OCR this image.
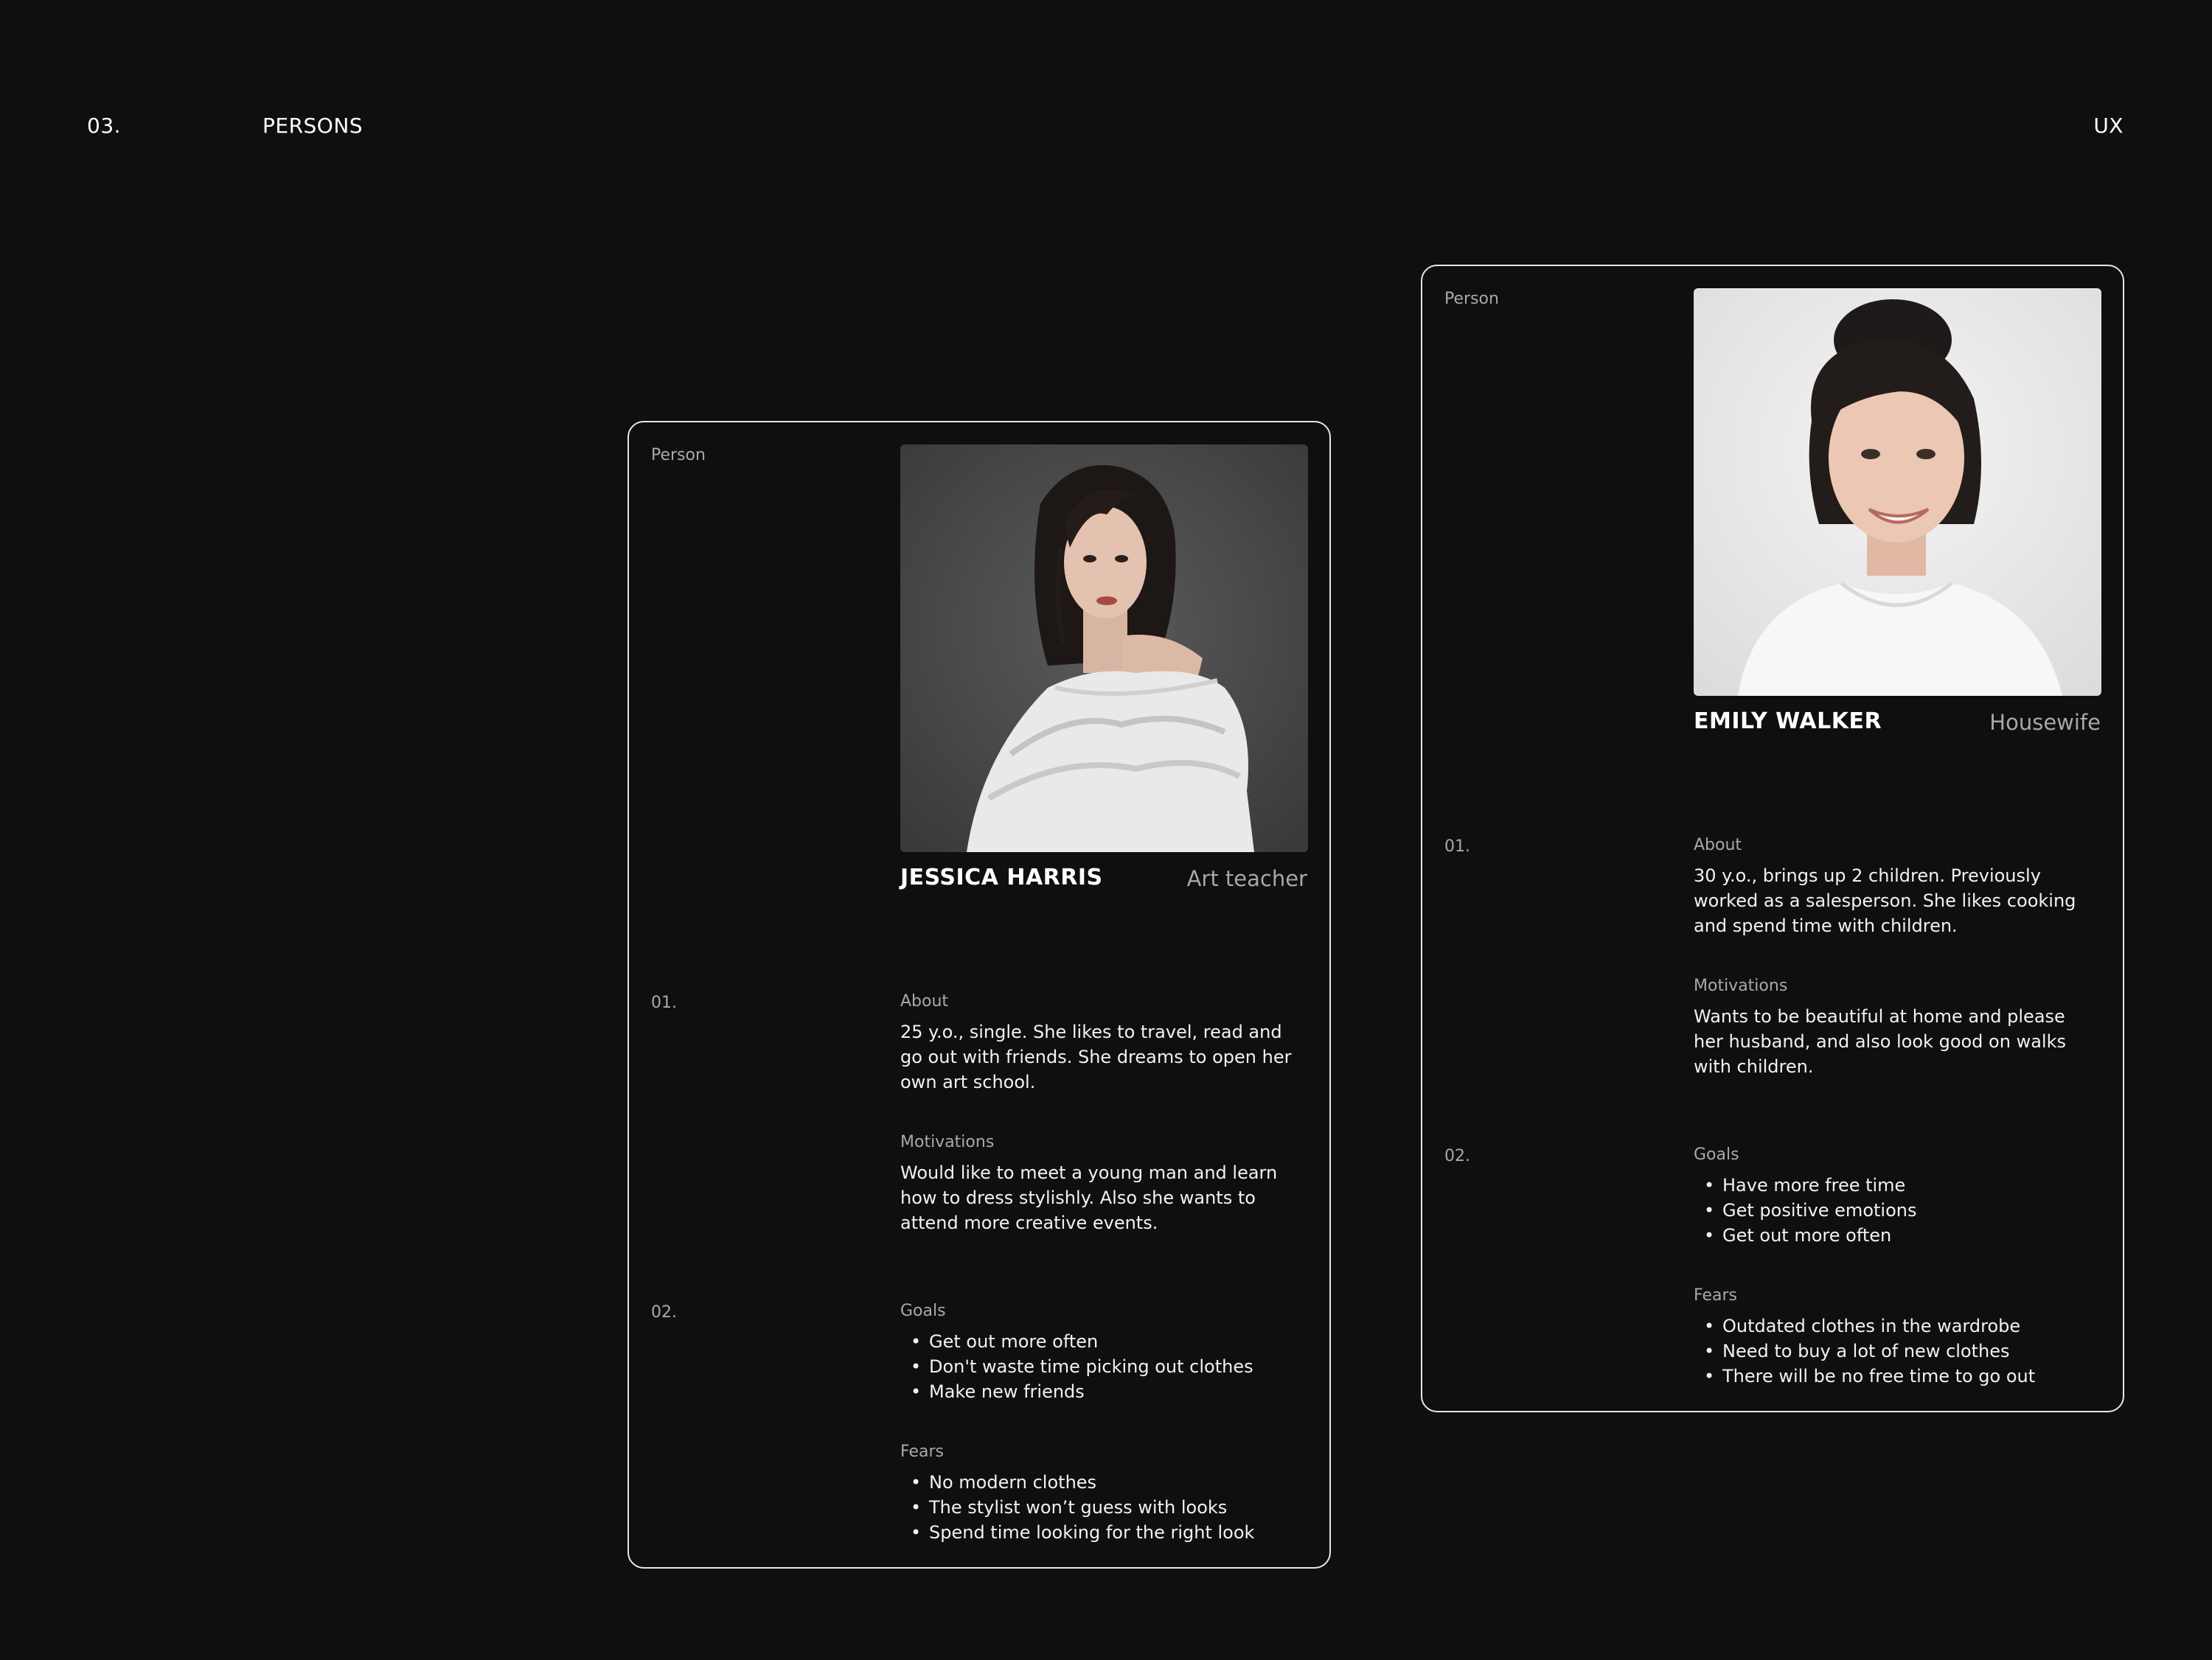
03.	PERSONS	UX
Person
JESSICA HARRIS	Art teacher
01.	About
25 y.o., single. She likes to travel, read and
go out with friends. She dreams to open her
own art school.
Motivations
Would like to meet a young man and learn
how to dress stylishly. Also she wants to
attend more creative events.
02.	Goals
• Get out more often
• Don't waste time picking out clothes
• Make new friends
Fears
• No modern clothes
• The stylist won’t guess with looks
• Spend time looking for the right look
Person
EMILY WALKER	Housewife
01.	About
30 y.o., brings up 2 children. Previously
worked as a salesperson. She likes cooking
and spend time with children.
Motivations
Wants to be beautiful at home and please
her husband, and also look good on walks
with children.
02.	Goals
• Have more free time
• Get positive emotions
• Get out more often
Fears
• Outdated clothes in the wardrobe
• Need to buy a lot of new clothes
• There will be no free time to go out
